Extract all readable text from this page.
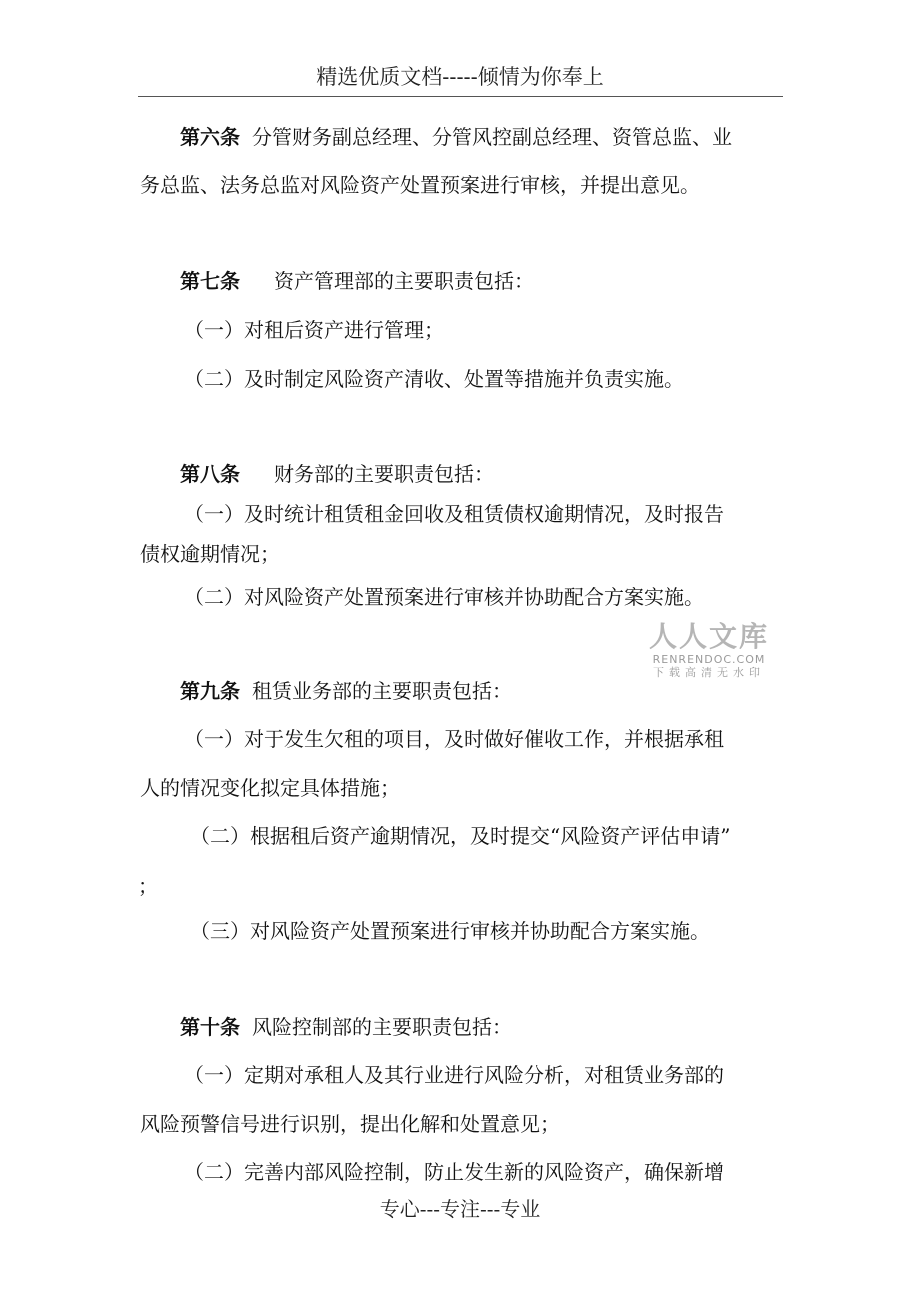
精选优质文档-----倾情为你奉上
第六条 分管财务副总经理、分管风控副总经理、资管总监、业
务总监、法务总监对风险资产处置预案进行审核，并提出意见。
第七条 资产管理部的主要职责包括：
（一）对租后资产进行管理；
（二）及时制定风险资产清收、处置等措施并负责实施。
第八条 财务部的主要职责包括：
（一）及时统计租赁租金回收及租赁债权逾期情况，及时报告
债权逾期情况；
（二）对风险资产处置预案进行审核并协助配合方案实施。
人人文库
RENRENDOC.COM
下载高清无水印
第九条 租赁业务部的主要职责包括：
（一）对于发生欠租的项目，及时做好催收工作，并根据承租
人的情况变化拟定具体措施；
（二）根据租后资产逾期情况，及时提交“风险资产评估申请”
；
（三）对风险资产处置预案进行审核并协助配合方案实施。
第十条 风险控制部的主要职责包括：
（一）定期对承租人及其行业进行风险分析，对租赁业务部的
风险预警信号进行识别，提出化解和处置意见；
（二）完善内部风险控制，防止发生新的风险资产，确保新增
专心---专注---专业
